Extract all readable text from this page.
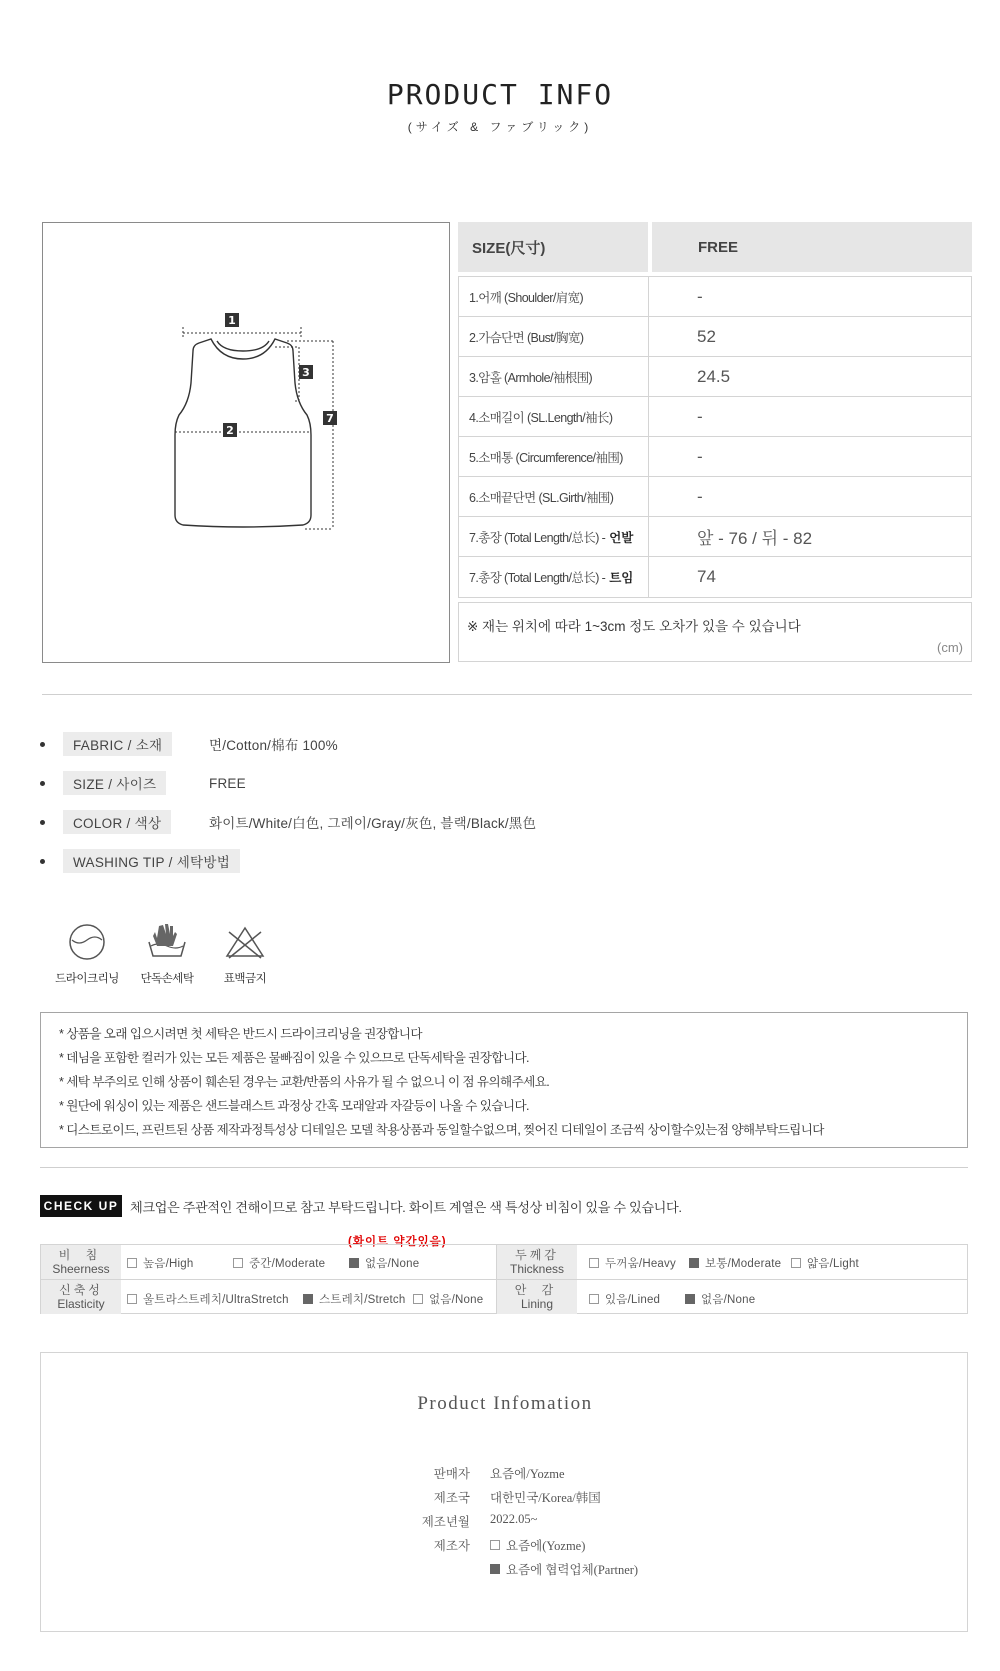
PRODUCT INFO
(サイズ & ファブリック)
1
2
3
7
SIZE(尺寸)	FREE
1.어깨 (Shoulder/肩宽)	-
2.가슴단면 (Bust/胸宽)	52
3.암홀 (Armhole/袖根围)	24.5
4.소매길이 (SL.Length/袖长)	-
5.소매통 (Circumference/袖围)	-
6.소매끝단면 (SL.Girth/袖围)	-
7.총장 (Total Length/总长) - 언발	앞 - 76 / 뒤 - 82
7.총장 (Total Length/总长) - 트임	74
※ 재는 위치에 따라 1~3cm 정도 오차가 있을 수 있습니다
(cm)
FABRIC / 소재	면/Cotton/棉布 100%
SIZE / 사이즈	FREE
COLOR / 색상	화이트/White/白色, 그레이/Gray/灰色, 블랙/Black/黑色
WASHING TIP / 세탁방법
드라이크리닝	단독손세탁	표백금지
* 상품을 오래 입으시려면 첫 세탁은 반드시 드라이크리닝을 권장합니다
* 데님을 포함한 컬러가 있는 모든 제품은 물빠짐이 있을 수 있으므로 단독세탁을 권장합니다.
* 세탁 부주의로 인해 상품이 훼손된 경우는 교환/반품의 사유가 될 수 없으니 이 점 유의해주세요.
* 원단에 워싱이 있는 제품은 샌드블래스트 과정상 간혹 모래알과 자갈등이 나올 수 있습니다.
* 디스트로이드, 프린트된 상품 제작과정특성상 디테일은 모델 착용상품과 동일할수없으며, 찢어진 디테일이 조금씩 상이할수있는점 양해부탁드립니다
CHECK UP 체크업은 주관적인 견해이므로 참고 부탁드립니다. 화이트 계열은 색 특성상 비침이 있을 수 있습니다.
(화이트 약간있음)
비 침
Sheerness	높음/High	중간/Moderate	없음/None
두께감
Thickness	두꺼움/Heavy	보통/Moderate 얇음/Light
신축성
Elasticity	울트라스트레치/UltraStretch	스트레치/Stretch 없음/None
안 감
Lining	있음/Lined	없음/None
Product Infomation
판매자 요즘에/Yozme
제조국 대한민국/Korea/韩国
제조년월 2022.05~
제조자	요즘에(Yozme)
요즘에 협력업체(Partner)
